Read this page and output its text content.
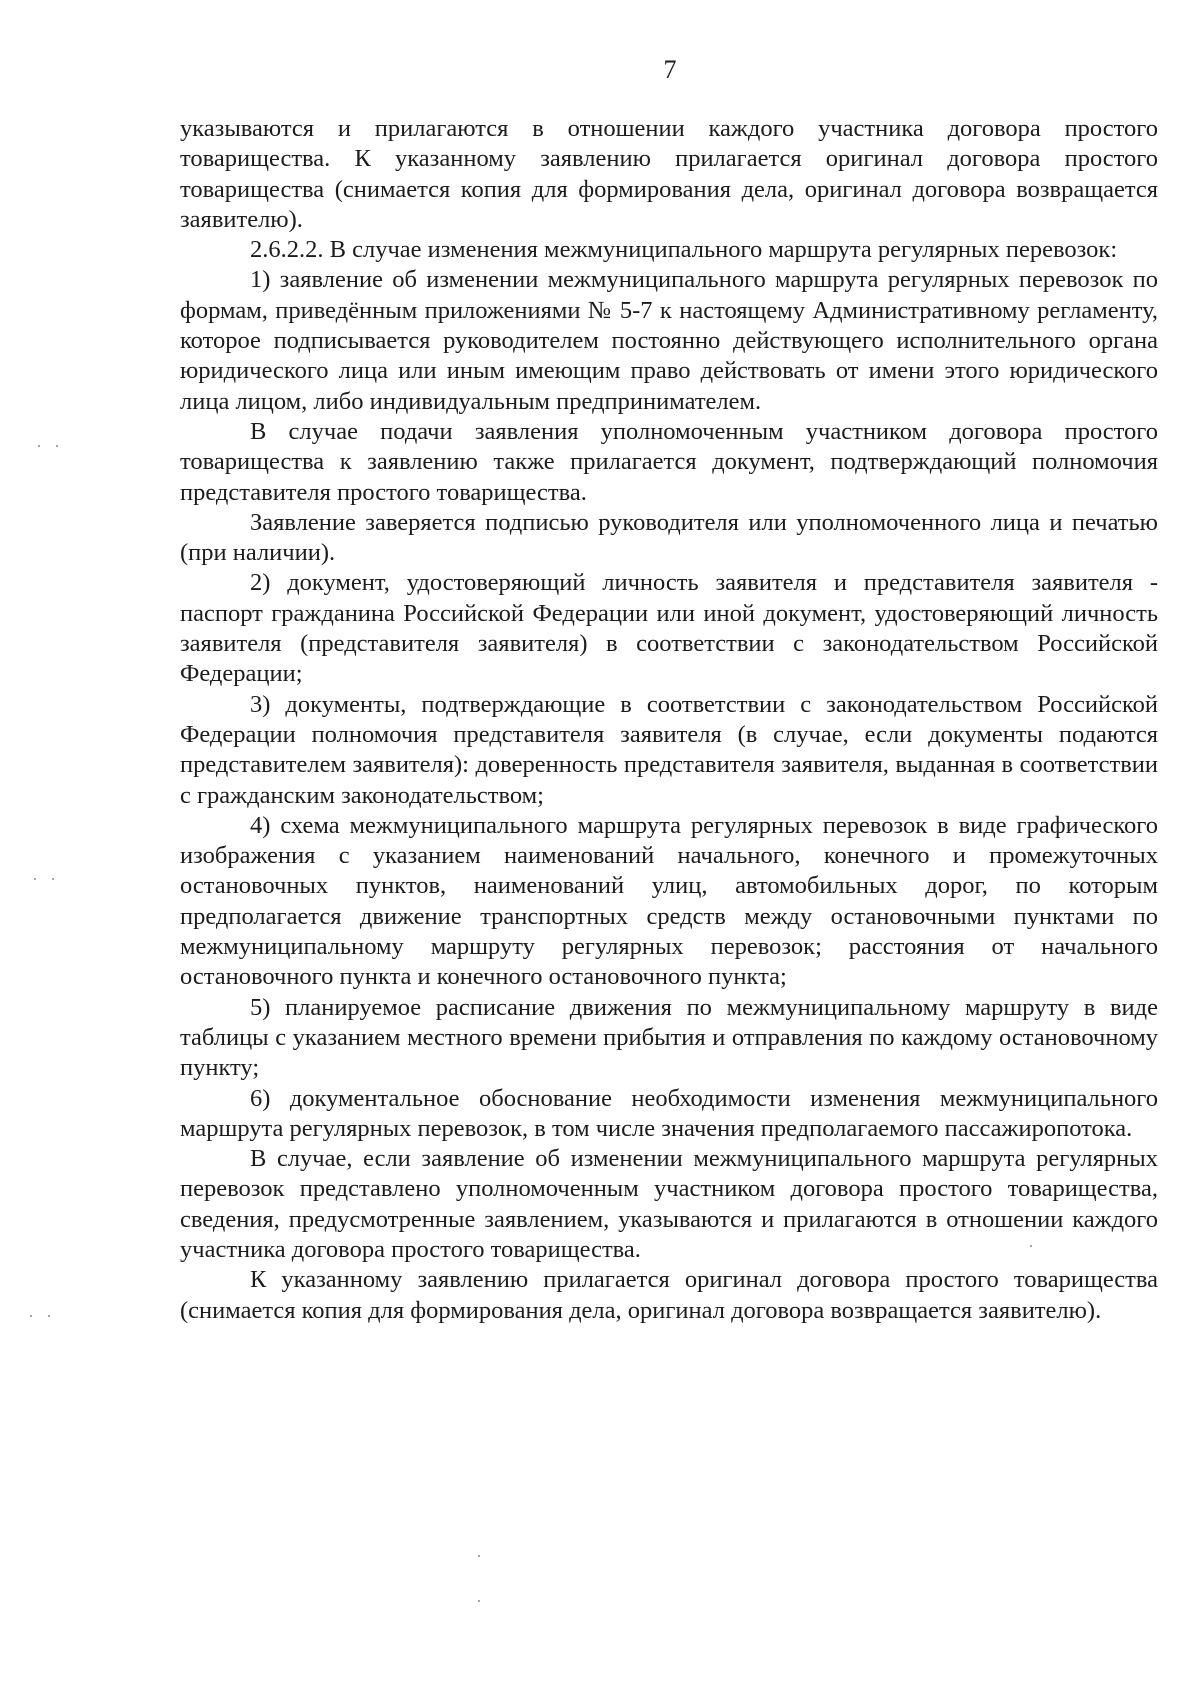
7

указываются и прилагаются в отношении каждого участника договора простого товарищества. К указанному заявлению прилагается оригинал договора простого товарищества (снимается копия для формирования дела, оригинал договора возвращается заявителю).

2.6.2.2. В случае изменения межмуниципального маршрута регулярных перевозок:

1) заявление об изменении межмуниципального маршрута регулярных перевозок по формам, приведённым приложениями № 5-7 к настоящему Административному регламенту, которое подписывается руководителем постоянно действующего исполнительного органа юридического лица или иным имеющим право действовать от имени этого юридического лица лицом, либо индивидуальным предпринимателем.

В случае подачи заявления уполномоченным участником договора простого товарищества к заявлению также прилагается документ, подтверждающий полномочия представителя простого товарищества.

Заявление заверяется подписью руководителя или уполномоченного лица и печатью (при наличии).

2) документ, удостоверяющий личность заявителя и представителя заявителя - паспорт гражданина Российской Федерации или иной документ, удостоверяющий личность заявителя (представителя заявителя) в соответствии с законодательством Российской Федерации;

3) документы, подтверждающие в соответствии с законодательством Российской Федерации полномочия представителя заявителя (в случае, если документы подаются представителем заявителя): доверенность представителя заявителя, выданная в соответствии с гражданским законодательством;

4) схема межмуниципального маршрута регулярных перевозок в виде графического изображения с указанием наименований начального, конечного и промежуточных остановочных пунктов, наименований улиц, автомобильных дорог, по которым предполагается движение транспортных средств между остановочными пунктами по межмуниципальному маршруту регулярных перевозок; расстояния от начального остановочного пункта и конечного остановочного пункта;

5) планируемое расписание движения по межмуниципальному маршруту в виде таблицы с указанием местного времени прибытия и отправления по каждому остановочному пункту;

6) документальное обоснование необходимости изменения межмуниципального маршрута регулярных перевозок, в том числе значения предполагаемого пассажиропотока.

В случае, если заявление об изменении межмуниципального маршрута регулярных перевозок представлено уполномоченным участником договора простого товарищества, сведения, предусмотренные заявлением, указываются и прилагаются в отношении каждого участника договора простого товарищества.

К указанному заявлению прилагается оригинал договора простого товарищества (снимается копия для формирования дела, оригинал договора возвращается заявителю).
